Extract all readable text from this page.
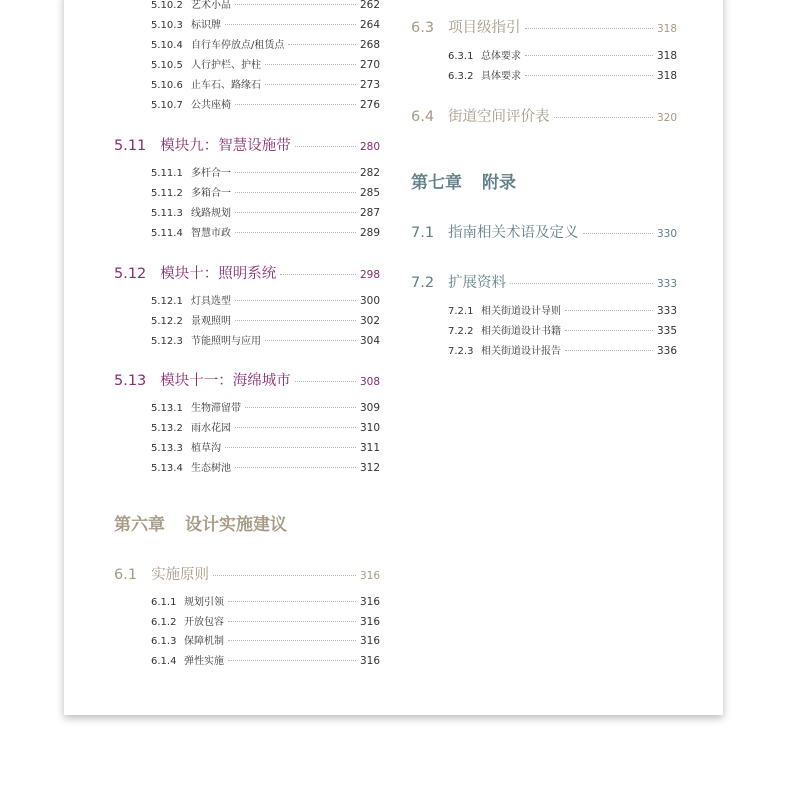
5.10.2 艺术小品	262
5.10.3 标识牌	264
5.10.4 自行车停放点/租赁点	268
5.10.5 人行护栏、护柱	270
5.10.6 止车石、路缘石	273
5.10.7 公共座椅	276
5.11 模块九：智慧设施带	280
5.11.1 多杆合一	282
5.11.2 多箱合一	285
5.11.3 线路规划	287
5.11.4 智慧市政	289
5.12 模块十：照明系统	298
5.12.1 灯具选型	300
5.12.2 景观照明	302
5.12.3 节能照明与应用	304
5.13 模块十一：海绵城市	308
5.13.1 生物滞留带	309
5.13.2 雨水花园	310
5.13.3 植草沟	311
5.13.4 生态树池	312
第六章 设计实施建议
6.1 实施原则	316
6.1.1 规划引领	316
6.1.2 开放包容	316
6.1.3 保障机制	316
6.1.4 弹性实施	316
6.3 项目级指引	318
6.3.1 总体要求	318
6.3.2 具体要求	318
6.4 街道空间评价表	320
第七章 附录
7.1 指南相关术语及定义	330
7.2 扩展资料	333
7.2.1 相关街道设计导则	333
7.2.2 相关街道设计书籍	335
7.2.3 相关街道设计报告	336
